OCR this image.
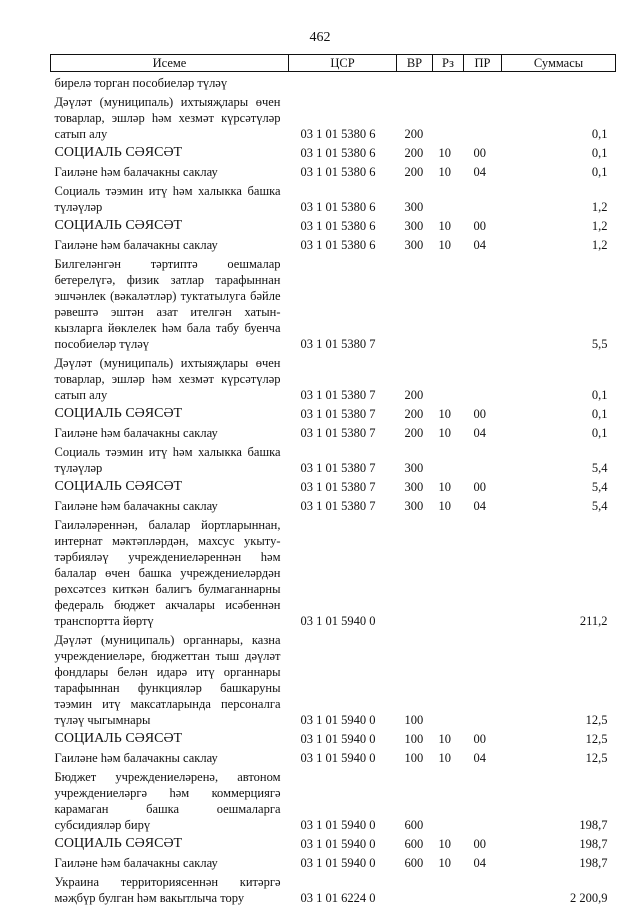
462
Исеме	ЦСР	ВР	Рз	ПР	Суммасы
бирелә торган пособиеләр түләү					
Дәүләт (муниципаль) ихтыяҗлары өчен товарлар, эшләр һәм хезмәт күрсәтүләр сатып алу	03 1 01 5380 6	200			0,1
СОЦИАЛЬ СӘЯСӘТ	03 1 01 5380 6	200	10	00	0,1
Гаиләне һәм балачакны саклау	03 1 01 5380 6	200	10	04	0,1
Социаль тәэмин итү һәм халыкка башка түләүләр	03 1 01 5380 6	300			1,2
СОЦИАЛЬ СӘЯСӘТ	03 1 01 5380 6	300	10	00	1,2
Гаиләне һәм балачакны саклау	03 1 01 5380 6	300	10	04	1,2
Билгеләнгән тәртиптә оешмалар бетерелүгә, физик затлар тарафыннан эшчәнлек (вәкаләтләр) туктатылуга бәйле рәвештә эштән азат ителгән хатын-кызларга йөклелек һәм бала табу буенча пособиеләр түләү	03 1 01 5380 7				5,5
Дәүләт (муниципаль) ихтыяҗлары өчен товарлар, эшләр һәм хезмәт күрсәтүләр сатып алу	03 1 01 5380 7	200			0,1
СОЦИАЛЬ СӘЯСӘТ	03 1 01 5380 7	200	10	00	0,1
Гаиләне һәм балачакны саклау	03 1 01 5380 7	200	10	04	0,1
Социаль тәэмин итү һәм халыкка башка түләүләр	03 1 01 5380 7	300			5,4
СОЦИАЛЬ СӘЯСӘТ	03 1 01 5380 7	300	10	00	5,4
Гаиләне һәм балачакны саклау	03 1 01 5380 7	300	10	04	5,4
Гаиләләреннән, балалар йортларыннан, интернат мәктәпләрдән, махсус укыту-тәрбияләү учреждениеләреннән һәм балалар өчен башка учреждениеләрдән рөхсәтсез киткән балигъ булмаганнарны федераль бюджет акчалары исәбеннән транспортта йөртү	03 1 01 5940 0				211,2
Дәүләт (муниципаль) органнары, казна учреждениеләре, бюджеттан тыш дәүләт фондлары белән идарә итү органнары тарафыннан функцияләр башкаруны тәэмин итү максатларында персоналга түләү чыгымнары	03 1 01 5940 0	100			12,5
СОЦИАЛЬ СӘЯСӘТ	03 1 01 5940 0	100	10	00	12,5
Гаиләне һәм балачакны саклау	03 1 01 5940 0	100	10	04	12,5
Бюджет учреждениеләренә, автоном учреждениеләргә һәм коммерциягә карамаган башка оешмаларга субсидияләр бирү	03 1 01 5940 0	600			198,7
СОЦИАЛЬ СӘЯСӘТ	03 1 01 5940 0	600	10	00	198,7
Гаиләне һәм балачакны саклау	03 1 01 5940 0	600	10	04	198,7
Украина территориясеннән китәргә мәҗбүр булган һәм вакытлыча тору	03 1 01 6224 0				2 200,9
